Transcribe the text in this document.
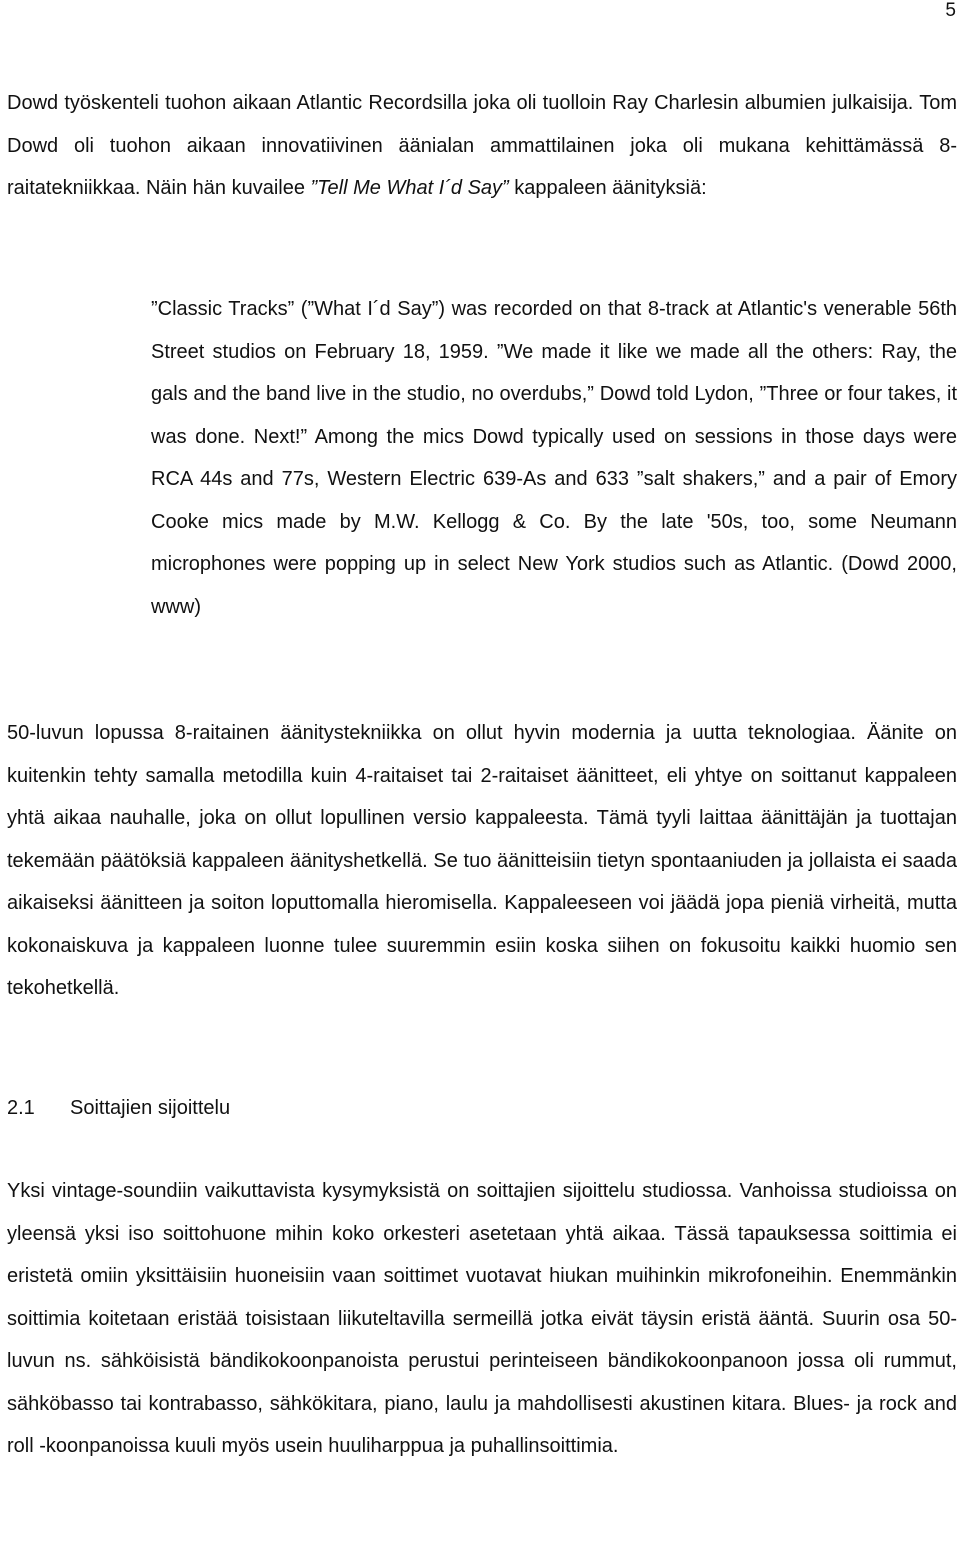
5

Dowd työskenteli tuohon aikaan Atlantic Recordsilla joka oli tuolloin Ray Charlesin albumien julkaisija. Tom Dowd oli tuohon aikaan innovatiivinen äänialan ammattilainen joka oli mukana kehittämässä 8-raitatekniikkaa. Näin hän kuvailee ”Tell Me What I´d Say” kappaleen äänityksiä:

”Classic Tracks” (”What I´d Say”) was recorded on that 8-track at Atlantic's venerable 56th Street studios on February 18, 1959. ”We made it like we made all the others: Ray, the gals and the band live in the studio, no overdubs,” Dowd told Lydon, ”Three or four takes, it was done. Next!” Among the mics Dowd typically used on sessions in those days were RCA 44s and 77s, Western Electric 639-As and 633 ”salt shakers,” and a pair of Emory Cooke mics made by M.W. Kellogg & Co. By the late '50s, too, some Neumann microphones were popping up in select New York studios such as Atlantic. (Dowd 2000, www)

50-luvun lopussa 8-raitainen äänitystekniikka on ollut hyvin modernia ja uutta teknologiaa. Äänite on kuitenkin tehty samalla metodilla kuin 4-raitaiset tai 2-raitaiset äänitteet, eli yhtye on soittanut kappaleen yhtä aikaa nauhalle, joka on ollut lopullinen versio kappaleesta. Tämä tyyli laittaa äänittäjän ja tuottajan tekemään päätöksiä kappaleen äänityshetkellä. Se tuo äänitteisiin tietyn spontaaniuden ja jollaista ei saada aikaiseksi äänitteen ja soiton loputtomalla hieromisella. Kappaleeseen voi jäädä jopa pieniä virheitä, mutta kokonaiskuva ja kappaleen luonne tulee suuremmin esiin koska siihen on fokusoitu kaikki huomio sen tekohetkellä.

2.1 Soittajien sijoittelu

Yksi vintage-soundiin vaikuttavista kysymyksistä on soittajien sijoittelu studiossa. Vanhoissa studioissa on yleensä yksi iso soittohuone mihin koko orkesteri asetetaan yhtä aikaa. Tässä tapauksessa soittimia ei eristetä omiin yksittäisiin huoneisiin vaan soittimet vuotavat hiukan muihinkin mikrofoneihin. Enemmänkin soittimia koitetaan eristää toisistaan liikuteltavilla sermeillä jotka eivät täysin eristä ääntä. Suurin osa 50-luvun ns. sähköisistä bändikokoonpanoista perustui perinteiseen bändikokoonpanoon jossa oli rummut, sähköbasso tai kontrabasso, sähkökitara, piano, laulu ja mahdollisesti akustinen kitara. Blues- ja rock and roll -koonpanoissa kuuli myös usein huuliharppua ja puhallinsoittimia.
